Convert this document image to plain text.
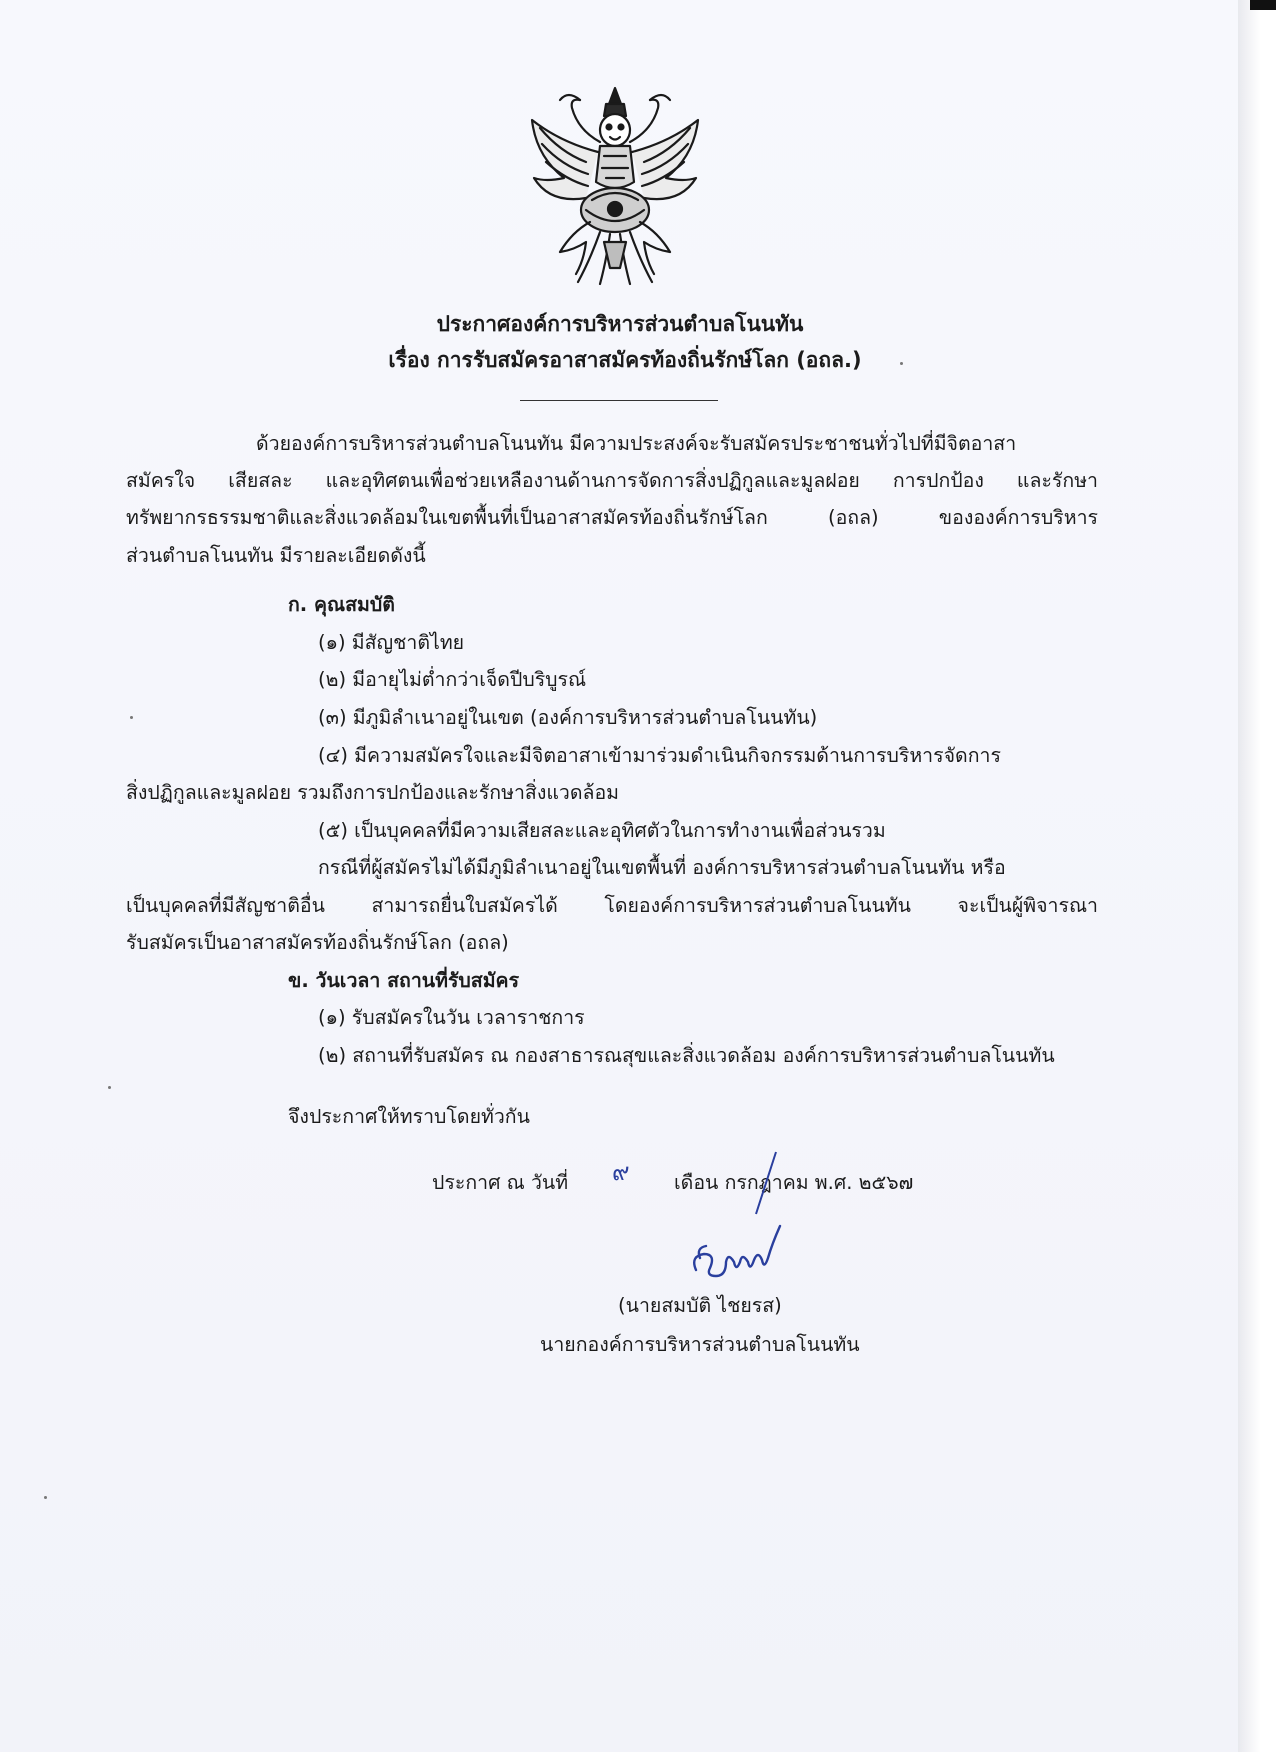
ประกาศองค์การบริหารส่วนตำบลโนนทัน
เรื่อง การรับสมัครอาสาสมัครท้องถิ่นรักษ์โลก (อถล.)
ด้วยองค์การบริหารส่วนตำบลโนนทัน มีความประสงค์จะรับสมัครประชาชนทั่วไปที่มีจิตอาสา
สมัครใจ เสียสละ และอุทิศตนเพื่อช่วยเหลืองานด้านการจัดการสิ่งปฏิกูลและมูลฝอย การปกป้อง และรักษา
ทรัพยากรธรรมชาติและสิ่งแวดล้อมในเขตพื้นที่เป็นอาสาสมัครท้องถิ่นรักษ์โลก (อถล) ขององค์การบริหาร
ส่วนตำบลโนนทัน มีรายละเอียดดังนี้
ก. คุณสมบัติ
(๑) มีสัญชาติไทย
(๒) มีอายุไม่ต่ำกว่าเจ็ดปีบริบูรณ์
(๓) มีภูมิลำเนาอยู่ในเขต (องค์การบริหารส่วนตำบลโนนทัน)
(๔) มีความสมัครใจและมีจิตอาสาเข้ามาร่วมดำเนินกิจกรรมด้านการบริหารจัดการ
สิ่งปฏิกูลและมูลฝอย รวมถึงการปกป้องและรักษาสิ่งแวดล้อม
(๕) เป็นบุคคลที่มีความเสียสละและอุทิศตัวในการทำงานเพื่อส่วนรวม
กรณีที่ผู้สมัครไม่ได้มีภูมิลำเนาอยู่ในเขตพื้นที่ องค์การบริหารส่วนตำบลโนนทัน หรือ
เป็นบุคคลที่มีสัญชาติอื่น สามารถยื่นใบสมัครได้ โดยองค์การบริหารส่วนตำบลโนนทัน จะเป็นผู้พิจารณา
รับสมัครเป็นอาสาสมัครท้องถิ่นรักษ์โลก (อถล)
ข. วันเวลา สถานที่รับสมัคร
(๑) รับสมัครในวัน เวลาราชการ
(๒) สถานที่รับสมัคร ณ กองสาธารณสุขและสิ่งแวดล้อม องค์การบริหารส่วนตำบลโนนทัน
จึงประกาศให้ทราบโดยทั่วกัน
ประกาศ ณ วันที่ ๙ เดือน กรกฎาคม พ.ศ. ๒๕๖๗
(นายสมบัติ ไชยรส)
นายกองค์การบริหารส่วนตำบลโนนทัน
